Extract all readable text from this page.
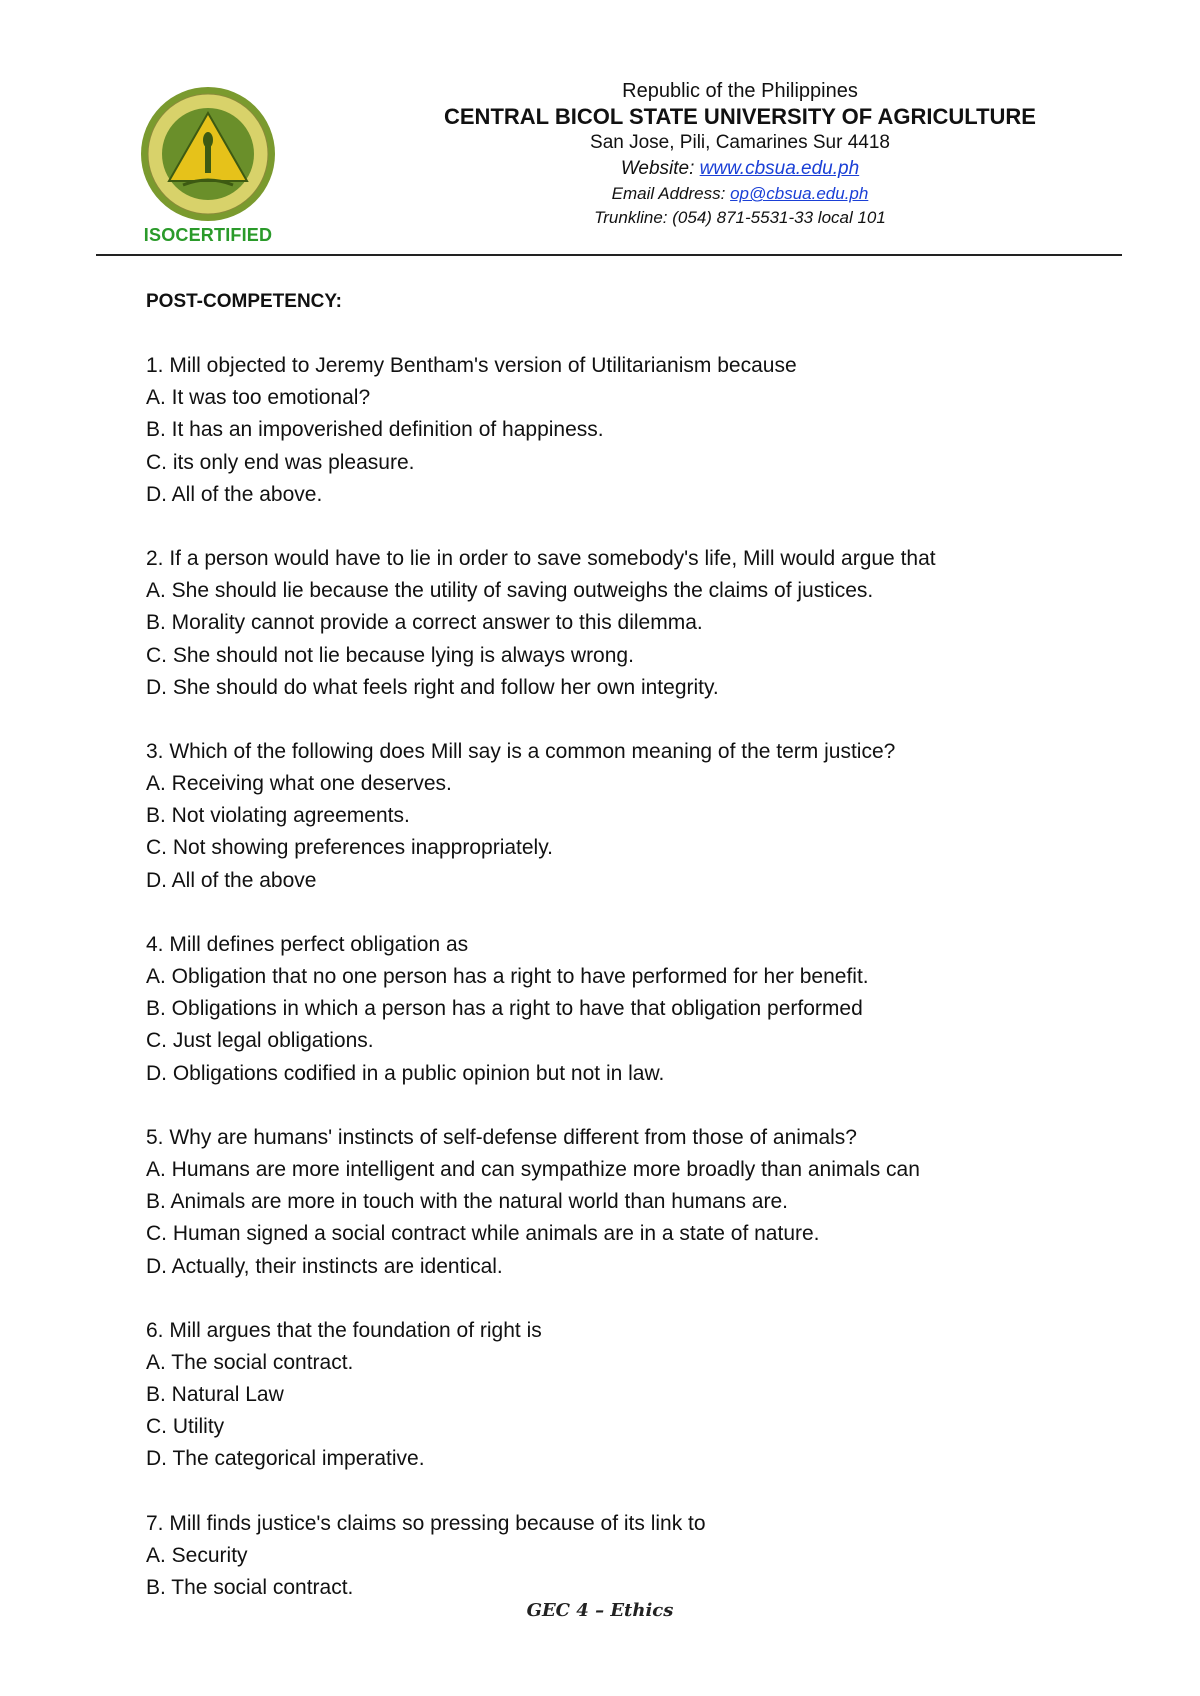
ISOCERTIFIED
Republic of the Philippines
CENTRAL BICOL STATE UNIVERSITY OF AGRICULTURE
San Jose, Pili, Camarines Sur 4418
Website: www.cbsua.edu.ph
Email Address: op@cbsua.edu.ph
Trunkline: (054) 871-5531-33 local 101
POST-COMPETENCY:
1. Mill objected to Jeremy Bentham's version of Utilitarianism because
A. It was too emotional?
B. It has an impoverished definition of happiness.
C. its only end was pleasure.
D. All of the above.
2. If a person would have to lie in order to save somebody's life, Mill would argue that
A. She should lie because the utility of saving outweighs the claims of justices.
B. Morality cannot provide a correct answer to this dilemma.
C. She should not lie because lying is always wrong.
D. She should do what feels right and follow her own integrity.
3. Which of the following does Mill say is a common meaning of the term justice?
A. Receiving what one deserves.
B. Not violating agreements.
C. Not showing preferences inappropriately.
D. All of the above
4. Mill defines perfect obligation as
A. Obligation that no one person has a right to have performed for her benefit.
B. Obligations in which a person has a right to have that obligation performed
C. Just legal obligations.
D. Obligations codified in a public opinion but not in law.
5. Why are humans' instincts of self-defense different from those of animals?
A. Humans are more intelligent and can sympathize more broadly than animals can
B. Animals are more in touch with the natural world than humans are.
C. Human signed a social contract while animals are in a state of nature.
D. Actually, their instincts are identical.
6. Mill argues that the foundation of right is
A. The social contract.
B. Natural Law
C. Utility
D. The categorical imperative.
7. Mill finds justice's claims so pressing because of its link to
A. Security
B. The social contract.
GEC 4 – Ethics
